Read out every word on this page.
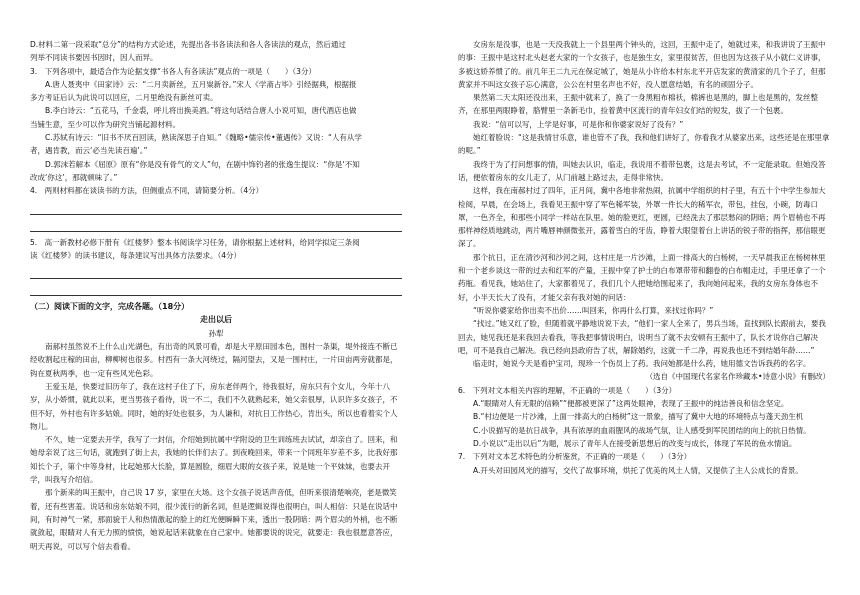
D.材料二第一段采取“总分”的结构方式论述，先提出各书各读法和各人各读法的观点，然后通过

列举不同读书要因书因时，因人而异。

3.　下列各项中，最适合作为论据支撑“书各人有各读法”观点的一项是（　　）（3分）

A.唐人聂夷中《田家诗》云：“二月卖新丝，五月粜新谷。”宋人《学斋占毕》引经据典，根据报

多方考证后认为此说可以回应，二月里绝没有新丝可卖。

B.李白诗云：“五花马，千金裘，呼儿将出换美酒。”将这句话结合唐人小说可知，唐代酒店也做

当铺生意，至少可以作为研究当铺起源材料。

C.苏轼有诗云：“旧书不厌百回读，熟读深思子自知。”《魏略•儒宗传•董遇传》又说：“人有从学

者，遇肯教，而云‘必当先读百遍’。”

D.郭沫若解本《屈原》原有“你是没有骨气的文人”句，在剧中饰钓者的张逸生提议：“你是‘不知

改成‘你这’，那就顿味了。”

4.　两则材料都在谈读书的方法，但侧重点不同，请简要分析。（4分）

5.　高一新教材必修下册有《红楼梦》整本书阅读学习任务，请你根据上述材料，给同学拟定三条阅

读《红楼梦》的读书建议，每条建议写出具体方法要求。（4分）

（二）阅读下面的文字，完成各题。（18分）

走出以后

孙犁

南郝村虽然说不上什么山光湖色，有出奇的风景可看，却是大平原田园本色，围村一条渠，堤外接连不断已经收割起庄稼的田亩，柳柳树也很多。村西有一条大河绕过，隔河望去，又是一围村庄，一片田亩两旁就都是，钩在夏秋两季，也一定有些风光色彩。

王爱玉是，快要过旧历年了，我在这村子住了下，房东老伴两个，待我很好，房东只有个女儿，今年十八岁，从小娇惯，就此以来，更当男孩子看待，说一不二，我们不久就熟起来，她父亲很厚，认识许多女孩子，不但不好，外村也有许多姑娘。同时，她的好处也很多，为人谦和，对抗日工作热心，肯出头，所以也看着实个人物儿。

不久，她一定要去开学，我写了一封信，介绍她到抗属中学附设的卫生训练班去试试，却亲自了。回来，和她母亲说了这三句话，就跑到了街上去，我她的长伴们去了。到夜晚回来，带来一个同班年岁差不多，比我好那知长个子，第个中等身材，比起她那大长脸，算是圆脸，细眉大眼的女孩子来，说是她一个平妹妹，也要去开学，叫我写介绍信。

那个新来的叫王振中，自己说 17 岁，家里在大场。这个女孩子说话声音低，但听来很清楚响亮，老是微笑着，还有些害羞。说话和房东姑娘不同，很少流行的新名词，但是逻辑说得也很明白，叫人相信：只是在说话中间，有时神气一紧，那面貌于人和热情激起的脸上的红光便瞬瞬下来，透出一股阴暗：两个眉尖的外梢，也不断就敛起，眼睛对人有无力照的愤愤，她说起话来就象在自己家中。她都要说的说完，就要走：我也很愿意答应，明天再说，可以写个信去看看。

女房东是没事，也是一天没我就上一个县里两个钟头的，这回，王振中走了，她就过来，和我讲说了王振中的事：王振中是这村北头赵老大家的一个女孩子，也是独生女，家里很贫苦，但也因为这孩子从小就仁义讲事，多被这娇养惯了的。前几年王二九元在保定城了，她是从小许给本村东北平开店发家的黄清家的几个子了，但那黄家并不叫这女孩子忘心满意，公公在村里名声也不好，没人愿意结婚，有名的顽固分子。

果然第二天太阳还没出来，王振中就来了，换了一身黑粗布棉袄，棉裤也是黑的，脚上也是黑的，发丝整齐，在那里两眼睁着，胳臂里一条新毛巾，捡着黄中区流行的青年妇女们结的短发，拔了一个包裹。

我说：“信可以写，上学是好事，可是你和你婆家说好了没有？”

她红着脸说：“这是我情甘乐意，谁也管不了我，我和他们讲好了，你看我才从婆家出来，这些还是在那里拿的呢。”

我终于为了打问想事的情，叫她去认识，临走，我说用不着带包裹，这是去考试，不一定能录取。但她没答话，便依着房东的女儿走了，从门前越上路过去，走得非常快。

这样，我在南郝村过了四年，正月间，冀中各地非常热闹，抗属中学组织的村子里，有五十个中学生参加大检阅，早晨，在会场上，我看见王振中穿了军色稀军装，外罩一件长大的稀军衣，带包，挂包，小碗，防毒口罩，一色齐全，和那些小同学一样站在队里。她的脸更红，更圆，已经洗去了那层愁闷的阴暗；两个眉梢也不再那样神经质地跳动，两片嘴唇神颜微张开，露着雪白的牙齿，睁着大眼望着台上讲话的锐子带的指挥，那信眼更深了。

那个抗日，正在清沙河和沙河之间，这村庄是一片沙滩，上面一排高大的白杨树，一天早晨我正在杨树林里和一个老乡谈这一带的过去和红军的产量，王振中穿了护士的白布罩带带和翻卷的白布帽走过，手里还拿了一个药瓶。看见我，她站住了，大家都着见了，我们几个人把她给围起来了，我向她问起来，我的女房东身体也不好，小半天长大了没有，才能父亲有我对她的问话：

“听说你婆家给你出卖不出价……叫回来，你再什么打算，来找过你吗？”

“找过。”她又红了脸，但随着就平静地说说下去，“他们一家人全来了，男兵当场，直找到队长跟前去，要我回去，她见我还是来我回去看我，等我把事情说明白，说明当了就不去安顿有王振中了，队长才说你自己解决吧，可不是我自己解决。我已经向县政府告了状，解除婚约，这就一千二净，再说我也还不到结婚年龄……”

临走时，她说今天是看护宝司，现珍一个伤员上了药。我问她都是什么药，她用德文告诉我药的名字。

（选自《中国现代名家名作珍藏本•诗意小说》有删改）

6.　下列对文本相关内容的理解，不正确的一项是（　　）（3分）

A.“眼睛对人有无限的信赖”“便都被更深了”这两处眼神，表现了王振中的纯洁善良和信念坚定。

B.“村边便是一片沙滩，上面一排高大的白杨树”这一景象，描写了冀中大地的环境特点与蓬天劲生机

C.小说描写的是抗日战争，具有浓厚的血雨腥风的战场气氛，让人感受到军民团结的向上的抗日热情。

D.小说以“走出以后”为题，展示了青年人在接受新思想后的改变与成长，体现了军民的鱼水情谊。

7.　下列对文本艺术特色的分析鉴赏，不正确的一项是（　　）（3分）

A.开头对田园风光的描写，交代了故事环境，烘托了优美的风土人情，又提供了主人公成长的背景。
